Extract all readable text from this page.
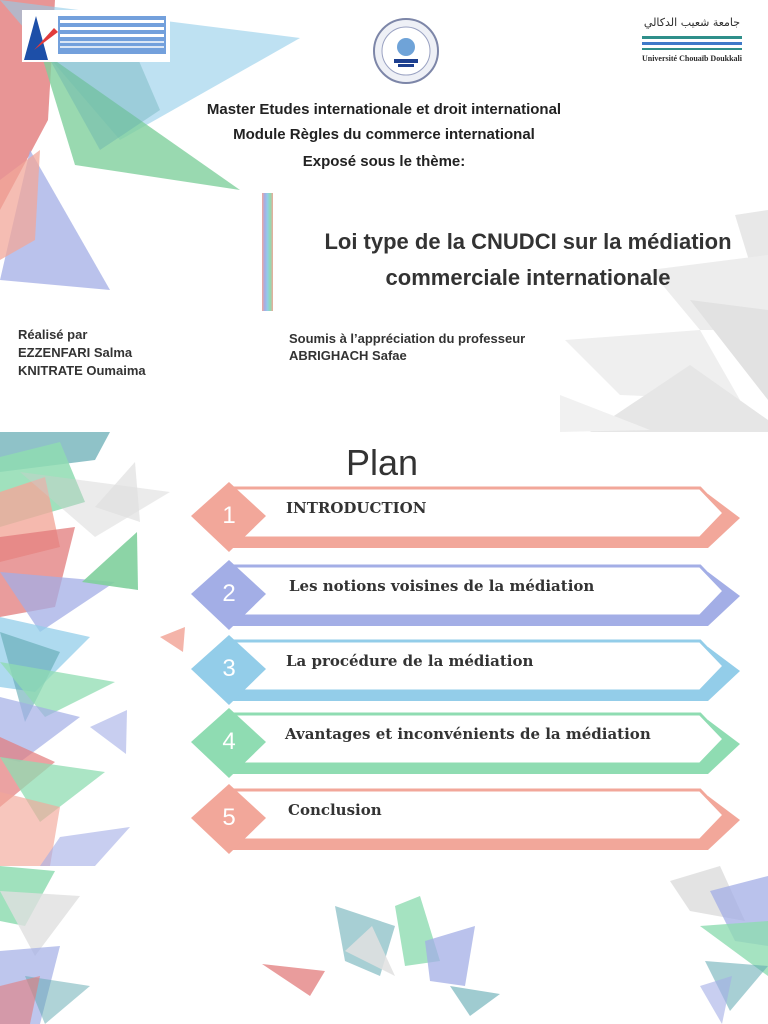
جامعة شعيب الدكالي
Université Chouaïb Doukkali
Master Etudes internationale et droit international
Module Règles du commerce international
Exposé sous le thème:
Loi type de la CNUDCI sur la médiation
commerciale internationale
Réalisé par
EZZENFARI Salma
KNITRATE Oumaima
Soumis à l’appréciation du professeur
ABRIGHACH Safae
Plan
1	INTRODUCTION
2	Les notions voisines de la médiation
3	La procédure de la médiation
4	Avantages et inconvénients de la médiation
5	Conclusion
